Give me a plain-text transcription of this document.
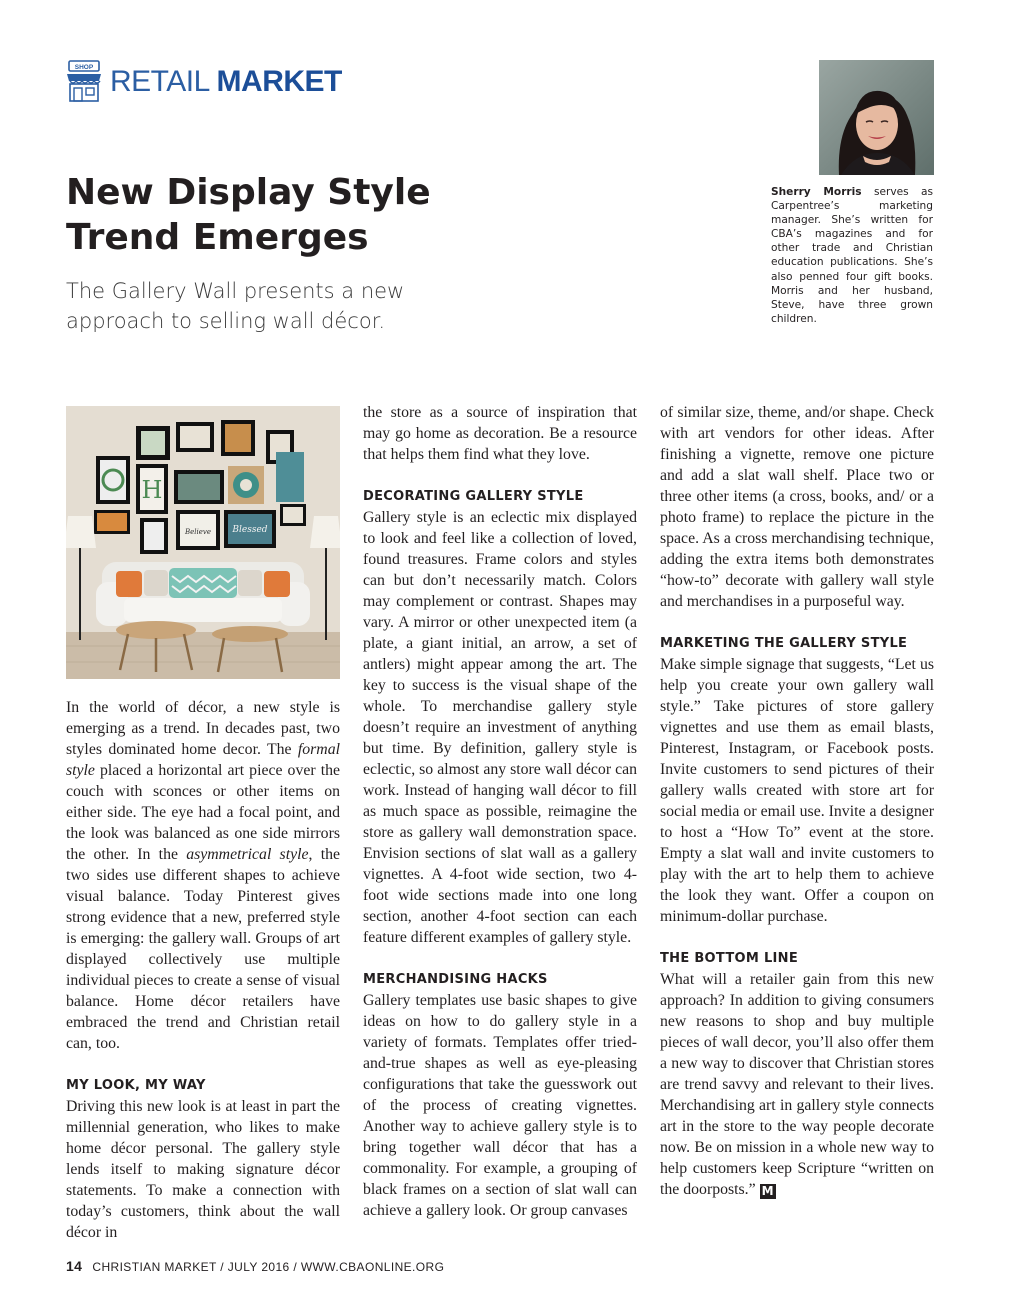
SHOP RETAIL MARKET
New Display Style
Trend Emerges

The Gallery Wall presents a new
approach to selling wall décor.

Sherry Morris serves as Carpentree’s marketing manager. She’s written for CBA’s magazines and for other trade and Christian education publications. She’s also penned four gift books. Morris and her husband, Steve, have three grown children.

H
Believe Blessed

In the world of décor, a new style is emerging as a trend. In decades past, two styles dominated home decor. The formal style placed a horizontal art piece over the couch with sconces or other items on either side. The eye had a focal point, and the look was balanced as one side mirrors the other. In the asymmetrical style, the two sides use different shapes to achieve visual balance. Today Pinterest gives strong evidence that a new, preferred style is emerging: the gallery wall. Groups of art displayed collectively use multiple individual pieces to create a sense of visual balance. Home décor retailers have embraced the trend and Christian retail can, too.

MY LOOK, MY WAY

Driving this new look is at least in part the millennial generation, who likes to make home décor personal. The gallery style lends itself to making signature décor statements. To make a connection with today’s customers, think about the wall décor in

the store as a source of inspiration that may go home as decoration. Be a resource that helps them find what they love.

DECORATING GALLERY STYLE

Gallery style is an eclectic mix displayed to look and feel like a collection of loved, found treasures. Frame colors and styles can but don’t necessarily match. Colors may complement or contrast. Shapes may vary. A mirror or other unexpected item (a plate, a giant initial, an arrow, a set of antlers) might appear among the art. The key to success is the visual shape of the whole. To merchandise gallery style doesn’t require an investment of anything but time. By definition, gallery style is eclectic, so almost any store wall décor can work. Instead of hanging wall décor to fill as much space as possible, reimagine the store as gallery wall demonstration space. Envision sections of slat wall as a gallery vignettes. A 4-foot wide section, two 4-foot wide sections made into one long section, another 4-foot section can each feature different examples of gallery style.

MERCHANDISING HACKS

Gallery templates use basic shapes to give ideas on how to do gallery style in a variety of formats. Templates offer tried-and-true shapes as well as eye-pleasing configurations that take the guesswork out of the process of creating vignettes. Another way to achieve gallery style is to bring together wall décor that has a commonality. For example, a grouping of black frames on a section of slat wall can achieve a gallery look. Or group canvases

of similar size, theme, and/or shape. Check with art vendors for other ideas. After finishing a vignette, remove one picture and add a slat wall shelf. Place two or three other items (a cross, books, and/ or a photo frame) to replace the picture in the space. As a cross merchandising technique, adding the extra items both demonstrates “how-to” decorate with gallery wall style and merchandises in a purposeful way.

MARKETING THE GALLERY STYLE

Make simple signage that suggests, “Let us help you create your own gallery wall style.” Take pictures of store gallery vignettes and use them as email blasts, Pinterest, Instagram, or Facebook posts. Invite customers to send pictures of their gallery walls created with store art for social media or email use. Invite a designer to host a “How To” event at the store. Empty a slat wall and invite customers to play with the art to help them to achieve the look they want. Offer a coupon on minimum-dollar purchase.

THE BOTTOM LINE

What will a retailer gain from this new approach? In addition to giving consumers new reasons to shop and buy multiple pieces of wall decor, you’ll also offer them a new way to discover that Christian stores are trend savvy and relevant to their lives. Merchandising art in gallery style connects art in the store to the way people decorate now. Be on mission in a whole new way to help customers keep Scripture “written on the doorposts.” M

14 CHRISTIAN MARKET / JULY 2016 / WWW.CBAONLINE.ORG
